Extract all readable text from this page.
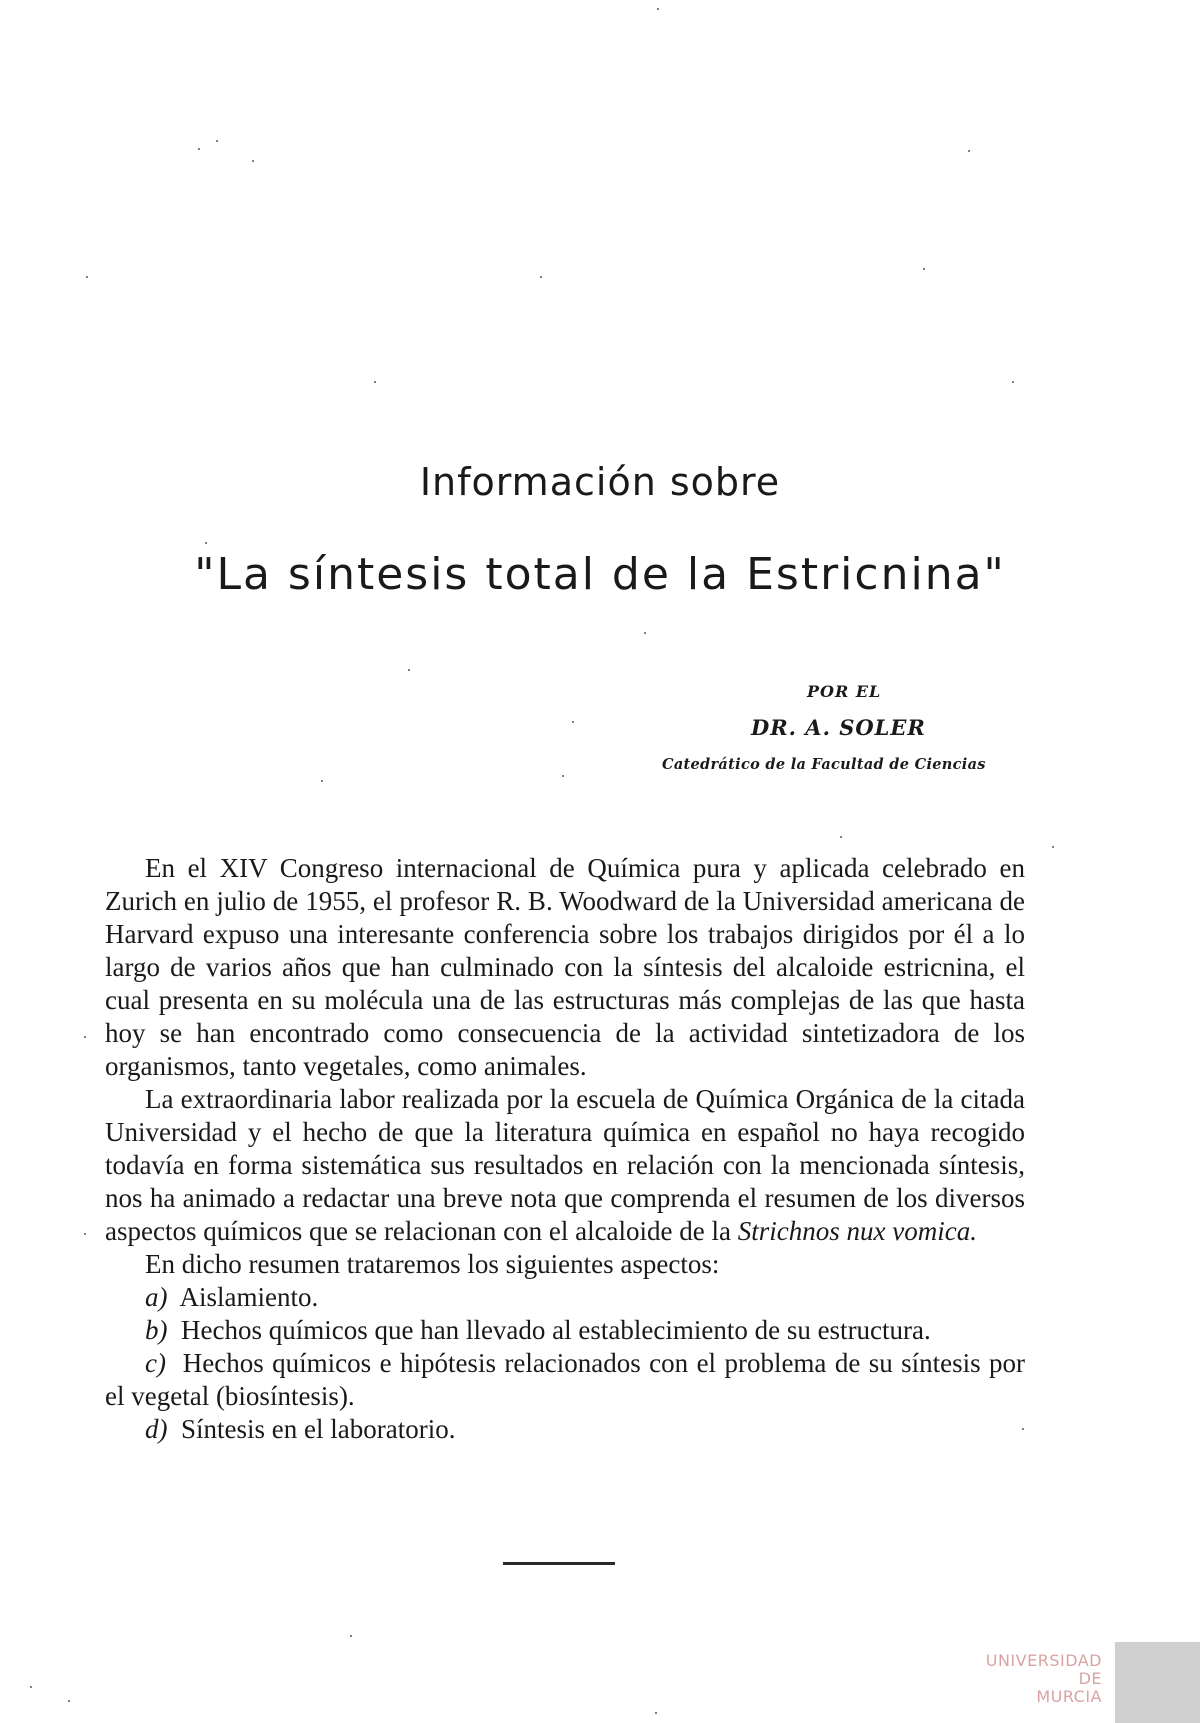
Información sobre
"La síntesis total de la Estricnina"
POR EL
DR. A. SOLER
Catedrático de la Facultad de Ciencias

En el XIV Congreso internacional de Química pura y aplicada celebrado en Zurich en julio de 1955, el profesor R. B. Woodward de la Universidad americana de Harvard expuso una interesante conferencia sobre los trabajos dirigidos por él a lo largo de varios años que han culminado con la síntesis del alcaloide estricnina, el cual presenta en su molécula una de las estructuras más complejas de las que hasta hoy se han encontrado como consecuencia de la actividad sintetizadora de los organismos, tanto vegetales, como animales.

La extraordinaria labor realizada por la escuela de Química Orgánica de la citada Universidad y el hecho de que la literatura química en español no haya recogido todavía en forma sistemática sus resultados en relación con la mencionada síntesis, nos ha animado a redactar una breve nota que comprenda el resumen de los diversos aspectos químicos que se relacionan con el alcaloide de la Strichnos nux vomica.

En dicho resumen trataremos los siguientes aspectos:

a) Aislamiento.

b) Hechos químicos que han llevado al establecimiento de su estructura.

c) Hechos químicos e hipótesis relacionados con el problema de su síntesis por el vegetal (biosíntesis).

d) Síntesis en el laboratorio.

UNIVERSIDAD DE
MURCIA
